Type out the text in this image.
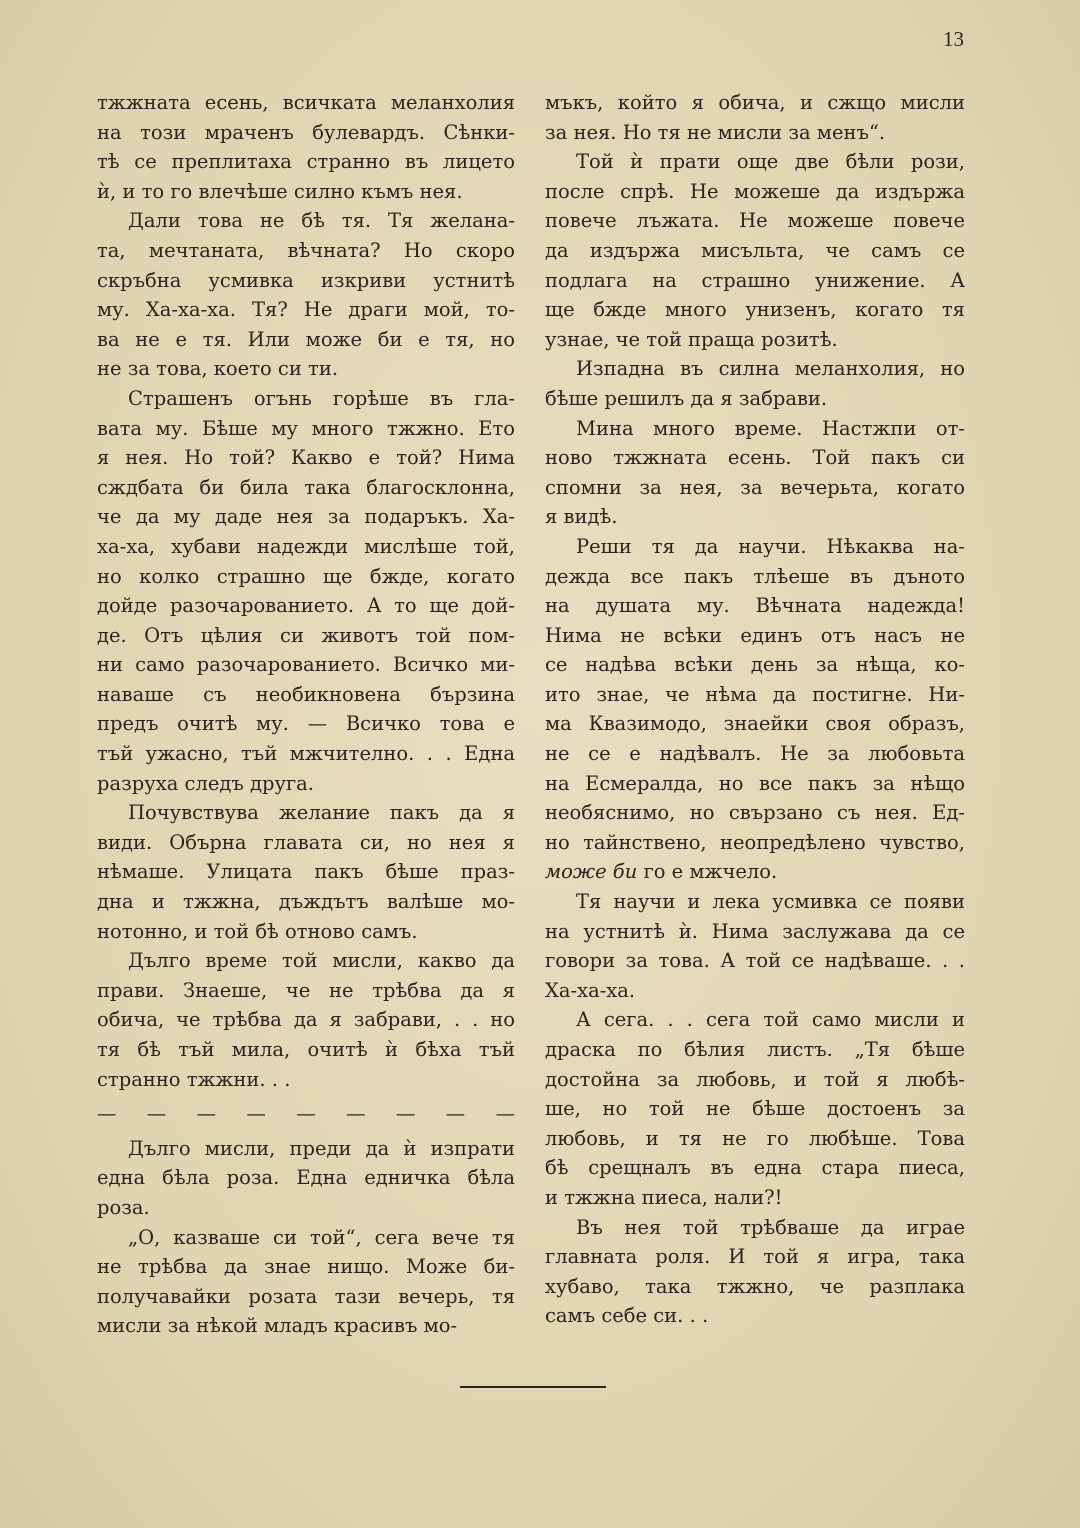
13

тжжната есень, всичката меланхолия

на този мраченъ булевардъ. Сѣнки-

тѣ се преплитаха странно въ лицето

ѝ, и то го влечѣше силно къмъ нея.

Дали това не бѣ тя. Тя желана-

та, мечтаната, вѣчната? Но скоро

скръбна усмивка изкриви устнитѣ

му. Ха-ха-ха. Тя? Не драги мой, то-

ва не е тя. Или може би е тя, но

не за това, което си ти.

Страшенъ огънь горѣше въ гла-

вата му. Бѣше му много тжжно. Ето

я нея. Но той? Какво е той? Нима

сждбата би била така благосклонна,

че да му даде нея за подаръкъ. Ха-

ха-ха, хубави надежди мислѣше той,

но колко страшно ще бжде, когато

дойде разочарованието. А то ще дой-

де. Отъ цѣлия си животъ той пом-

ни само разочарованието. Всичко ми-

наваше съ необикновена бързина

предъ очитѣ му. — Всичко това е

тъй ужасно, тъй мжчително. . . Една

разруха следъ друга.

Почувствува желание пакъ да я

види. Обърна главата си, но нея я

нѣмаше. Улицата пакъ бѣше праз-

дна и тжжна, дъждътъ валѣше мо-

нотонно, и той бѣ отново самъ.

Дълго време той мисли, какво да

прави. Знаеше, че не трѣбва да я

обича, че трѣбва да я забрави, . . но

тя бѣ тъй мила, очитѣ ѝ бѣха тъй

странно тжжни. . .

— — — — — — — — —

Дълго мисли, преди да ѝ изпрати

една бѣла роза. Една едничка бѣла

роза.

„О, казваше си той“, сега вече тя

не трѣбва да знае нищо. Може би-

получавайки розата тази вечерь, тя

мисли за нѣкой младъ красивъ мо-

мъкъ, който я обича, и сжщо мисли

за нея. Но тя не мисли за менъ“.

Той ѝ прати още две бѣли рози,

после спрѣ. Не можеше да издържа

повече лъжата. Не можеше повече

да издържа мисъльта, че самъ се

подлага на страшно унижение. А

ще бжде много унизенъ, когато тя

узнае, че той праща розитѣ.

Изпадна въ силна меланхолия, но

бѣше решилъ да я забрави.

Мина много време. Настжпи от-

ново тжжната есень. Той пакъ си

спомни за нея, за вечерьта, когато

я видѣ.

Реши тя да научи. Нѣкаква на-

дежда все пакъ тлѣеше въ дъното

на душата му. Вѣчната надежда!

Нима не всѣки единъ отъ насъ не

се надѣва всѣки день за нѣща, ко-

ито знае, че нѣма да постигне. Ни-

ма Квазимодо, знаейки своя образъ,

не се е надѣвалъ. Не за любовьта

на Есмералда, но все пакъ за нѣщо

необяснимо, но свързано съ нея. Ед-

но тайнствено, неопредѣлено чувство,

може би го е мжчело.

Тя научи и лека усмивка се появи

на устнитѣ ѝ. Нима заслужава да се

говори за това. А той се надѣваше. . .

Ха-ха-ха.

А сега. . . сега той само мисли и

драска по бѣлия листъ. „Тя бѣше

достойна за любовь, и той я любѣ-

ше, но той не бѣше достоенъ за

любовь, и тя не го любѣше. Това

бѣ срещналъ въ една стара пиеса,

и тжжна пиеса, нали?!

Въ нея той трѣбваше да играе

главната роля. И той я игра, така

хубаво, така тжжно, че разплака

самъ себе си. . .
